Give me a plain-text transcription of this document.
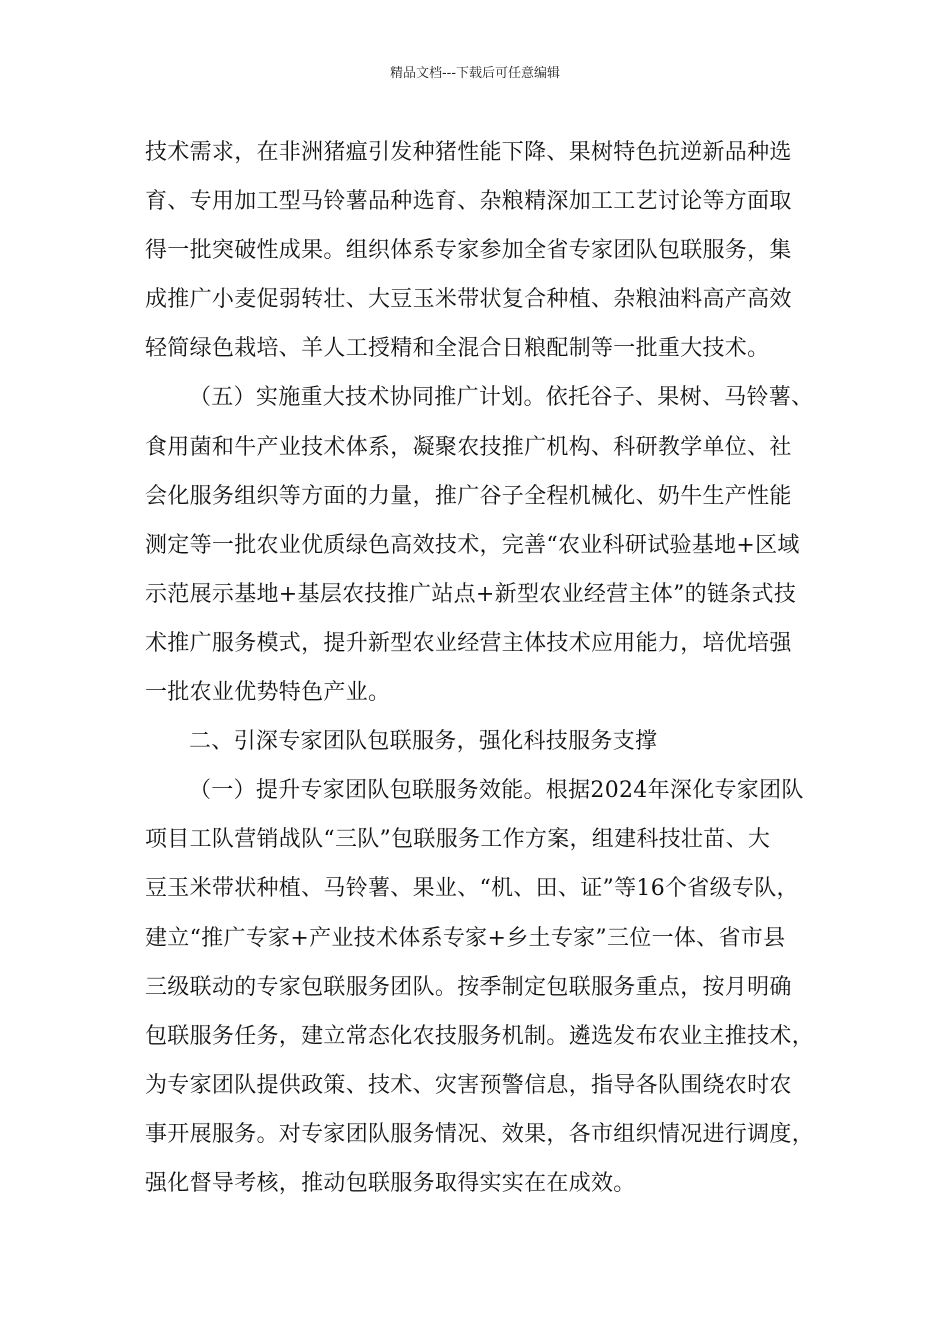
精品文档---下载后可任意编辑
技术需求，在非洲猪瘟引发种猪性能下降、果树特色抗逆新品种选
育、专用加工型马铃薯品种选育、杂粮精深加工工艺讨论等方面取
得一批突破性成果。组织体系专家参加全省专家团队包联服务，集
成推广小麦促弱转壮、大豆玉米带状复合种植、杂粮油料高产高效
轻简绿色栽培、羊人工授精和全混合日粮配制等一批重大技术。
（五）实施重大技术协同推广计划。依托谷子、果树、马铃薯、
食用菌和牛产业技术体系，凝聚农技推广机构、科研教学单位、社
会化服务组织等方面的力量，推广谷子全程机械化、奶牛生产性能
测定等一批农业优质绿色高效技术，完善“农业科研试验基地+区域
示范展示基地+基层农技推广站点+新型农业经营主体”的链条式技
术推广服务模式，提升新型农业经营主体技术应用能力，培优培强
一批农业优势特色产业。
二、引深专家团队包联服务，强化科技服务支撑
（一）提升专家团队包联服务效能。根据2024年深化专家团队
项目工队营销战队“三队”包联服务工作方案，组建科技壮苗、大
豆玉米带状种植、马铃薯、果业、“机、田、证”等16个省级专队，
建立“推广专家+产业技术体系专家+乡土专家”三位一体、省市县
三级联动的专家包联服务团队。按季制定包联服务重点，按月明确
包联服务任务，建立常态化农技服务机制。遴选发布农业主推技术，
为专家团队提供政策、技术、灾害预警信息，指导各队围绕农时农
事开展服务。对专家团队服务情况、效果，各市组织情况进行调度，
强化督导考核，推动包联服务取得实实在在成效。
